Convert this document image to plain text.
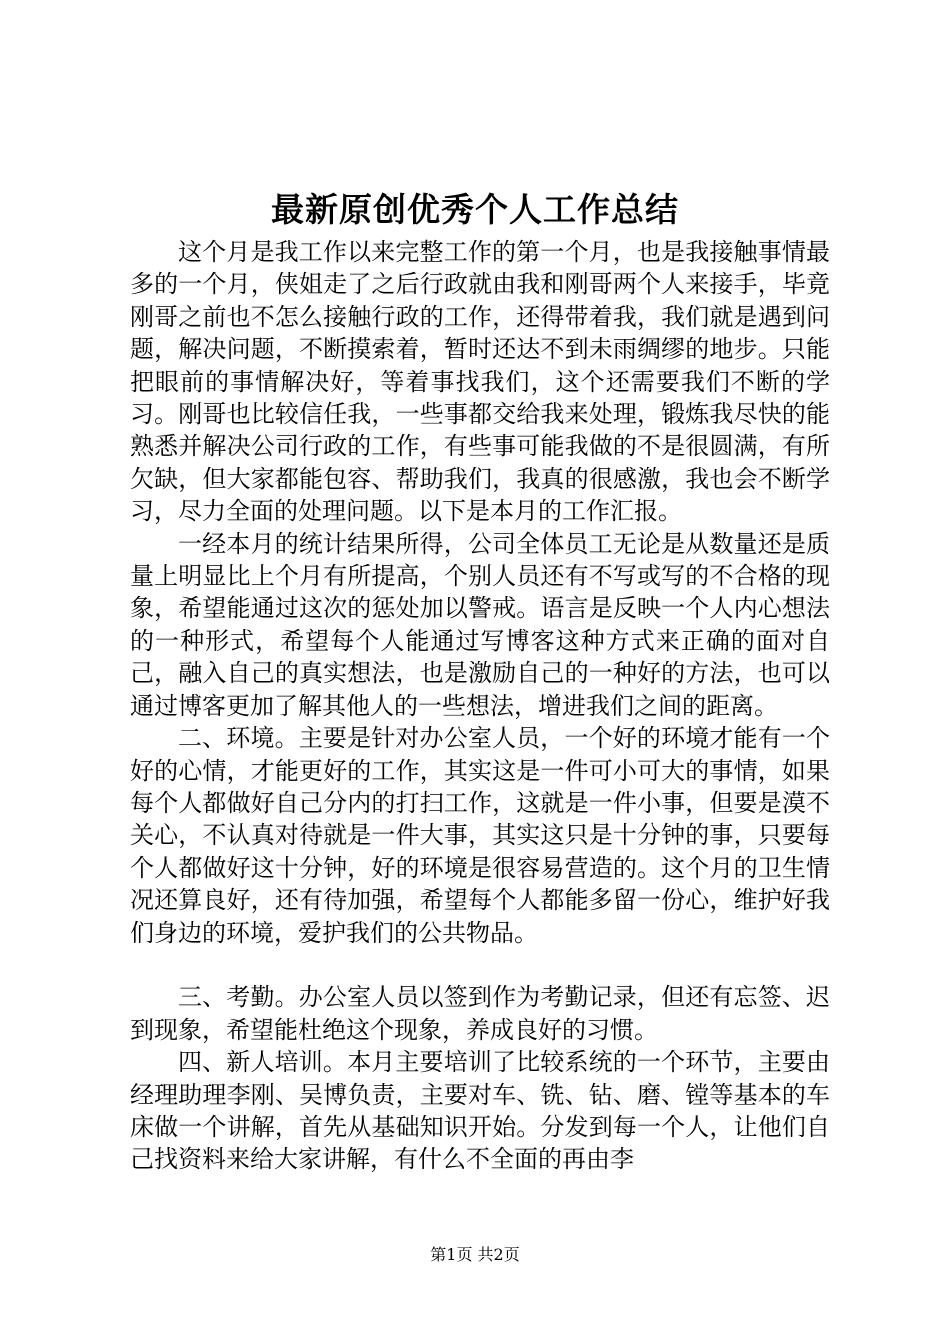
最新原创优秀个人工作总结

这个月是我工作以来完整工作的第一个月，也是我接触事情最多的一个月，侠姐走了之后行政就由我和刚哥两个人来接手，毕竟刚哥之前也不怎么接触行政的工作，还得带着我，我们就是遇到问题，解决问题，不断摸索着，暂时还达不到未雨绸缪的地步。只能把眼前的事情解决好，等着事找我们，这个还需要我们不断的学习。刚哥也比较信任我，一些事都交给我来处理，锻炼我尽快的能熟悉并解决公司行政的工作，有些事可能我做的不是很圆满，有所欠缺，但大家都能包容、帮助我们，我真的很感激，我也会不断学习，尽力全面的处理问题。以下是本月的工作汇报。

一经本月的统计结果所得，公司全体员工无论是从数量还是质量上明显比上个月有所提高，个别人员还有不写或写的不合格的现象，希望能通过这次的惩处加以警戒。语言是反映一个人内心想法的一种形式，希望每个人能通过写博客这种方式来正确的面对自己，融入自己的真实想法，也是激励自己的一种好的方法，也可以通过博客更加了解其他人的一些想法，增进我们之间的距离。

二、环境。主要是针对办公室人员，一个好的环境才能有一个好的心情，才能更好的工作，其实这是一件可小可大的事情，如果每个人都做好自己分内的打扫工作，这就是一件小事，但要是漠不关心，不认真对待就是一件大事，其实这只是十分钟的事，只要每个人都做好这十分钟，好的环境是很容易营造的。这个月的卫生情况还算良好，还有待加强，希望每个人都能多留一份心，维护好我们身边的环境，爱护我们的公共物品。

三、考勤。办公室人员以签到作为考勤记录，但还有忘签、迟到现象，希望能杜绝这个现象，养成良好的习惯。

四、新人培训。本月主要培训了比较系统的一个环节，主要由经理助理李刚、吴博负责，主要对车、铣、钻、磨、镗等基本的车床做一个讲解，首先从基础知识开始。分发到每一个人，让他们自己找资料来给大家讲解，有什么不全面的再由李

第1页 共2页
